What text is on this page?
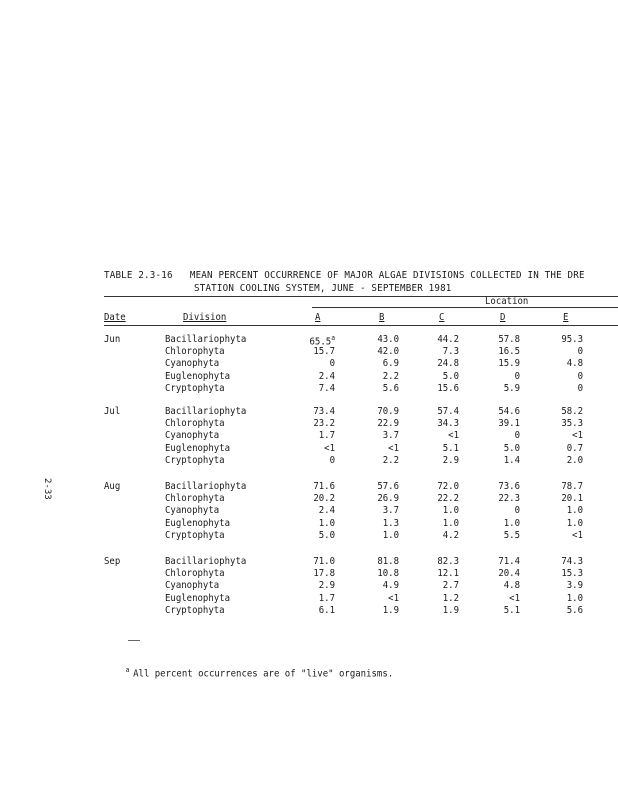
TABLE 2.3-16   MEAN PERCENT OCCURRENCE OF MAJOR ALGAE DIVISIONS COLLECTED IN THE DRE
STATION COOLING SYSTEM, JUNE - SEPTEMBER 1981
Location
Date	Division	A	B	C	D	E
Jun	Bacillariophyta	65.5$^a$	43.0	44.2	57.8	95.3
Chlorophyta	15.7	42.0	7.3	16.5	0
Cyanophyta	0	6.9	24.8	15.9	4.8
Euglenophyta	2.4	2.2	5.0	0	0
Cryptophyta	7.4	5.6	15.6	5.9	0
Jul	Bacillariophyta	73.4	70.9	57.4	54.6	58.2
Chlorophyta	23.2	22.9	34.3	39.1	35.3
Cyanophyta	1.7	3.7	<1	0	<1
Euglenophyta	<1	<1	5.1	5.0	0.7
Cryptophyta	0	2.2	2.9	1.4	2.0
Aug	Bacillariophyta	71.6	57.6	72.0	73.6	78.7
Chlorophyta	20.2	26.9	22.2	22.3	20.1
Cyanophyta	2.4	3.7	1.0	0	1.0
Euglenophyta	1.0	1.3	1.0	1.0	1.0
Cryptophyta	5.0	1.0	4.2	5.5	<1
Sep	Bacillariophyta	71.0	81.8	82.3	71.4	74.3
Chlorophyta	17.8	10.8	12.1	20.4	15.3
Cyanophyta	2.9	4.9	2.7	4.8	3.9
Euglenophyta	1.7	<1	1.2	<1	1.0
Cryptophyta	6.1	1.9	1.9	5.1	5.6

$^a$ All percent occurrences are of "live" organisms.

2-33
